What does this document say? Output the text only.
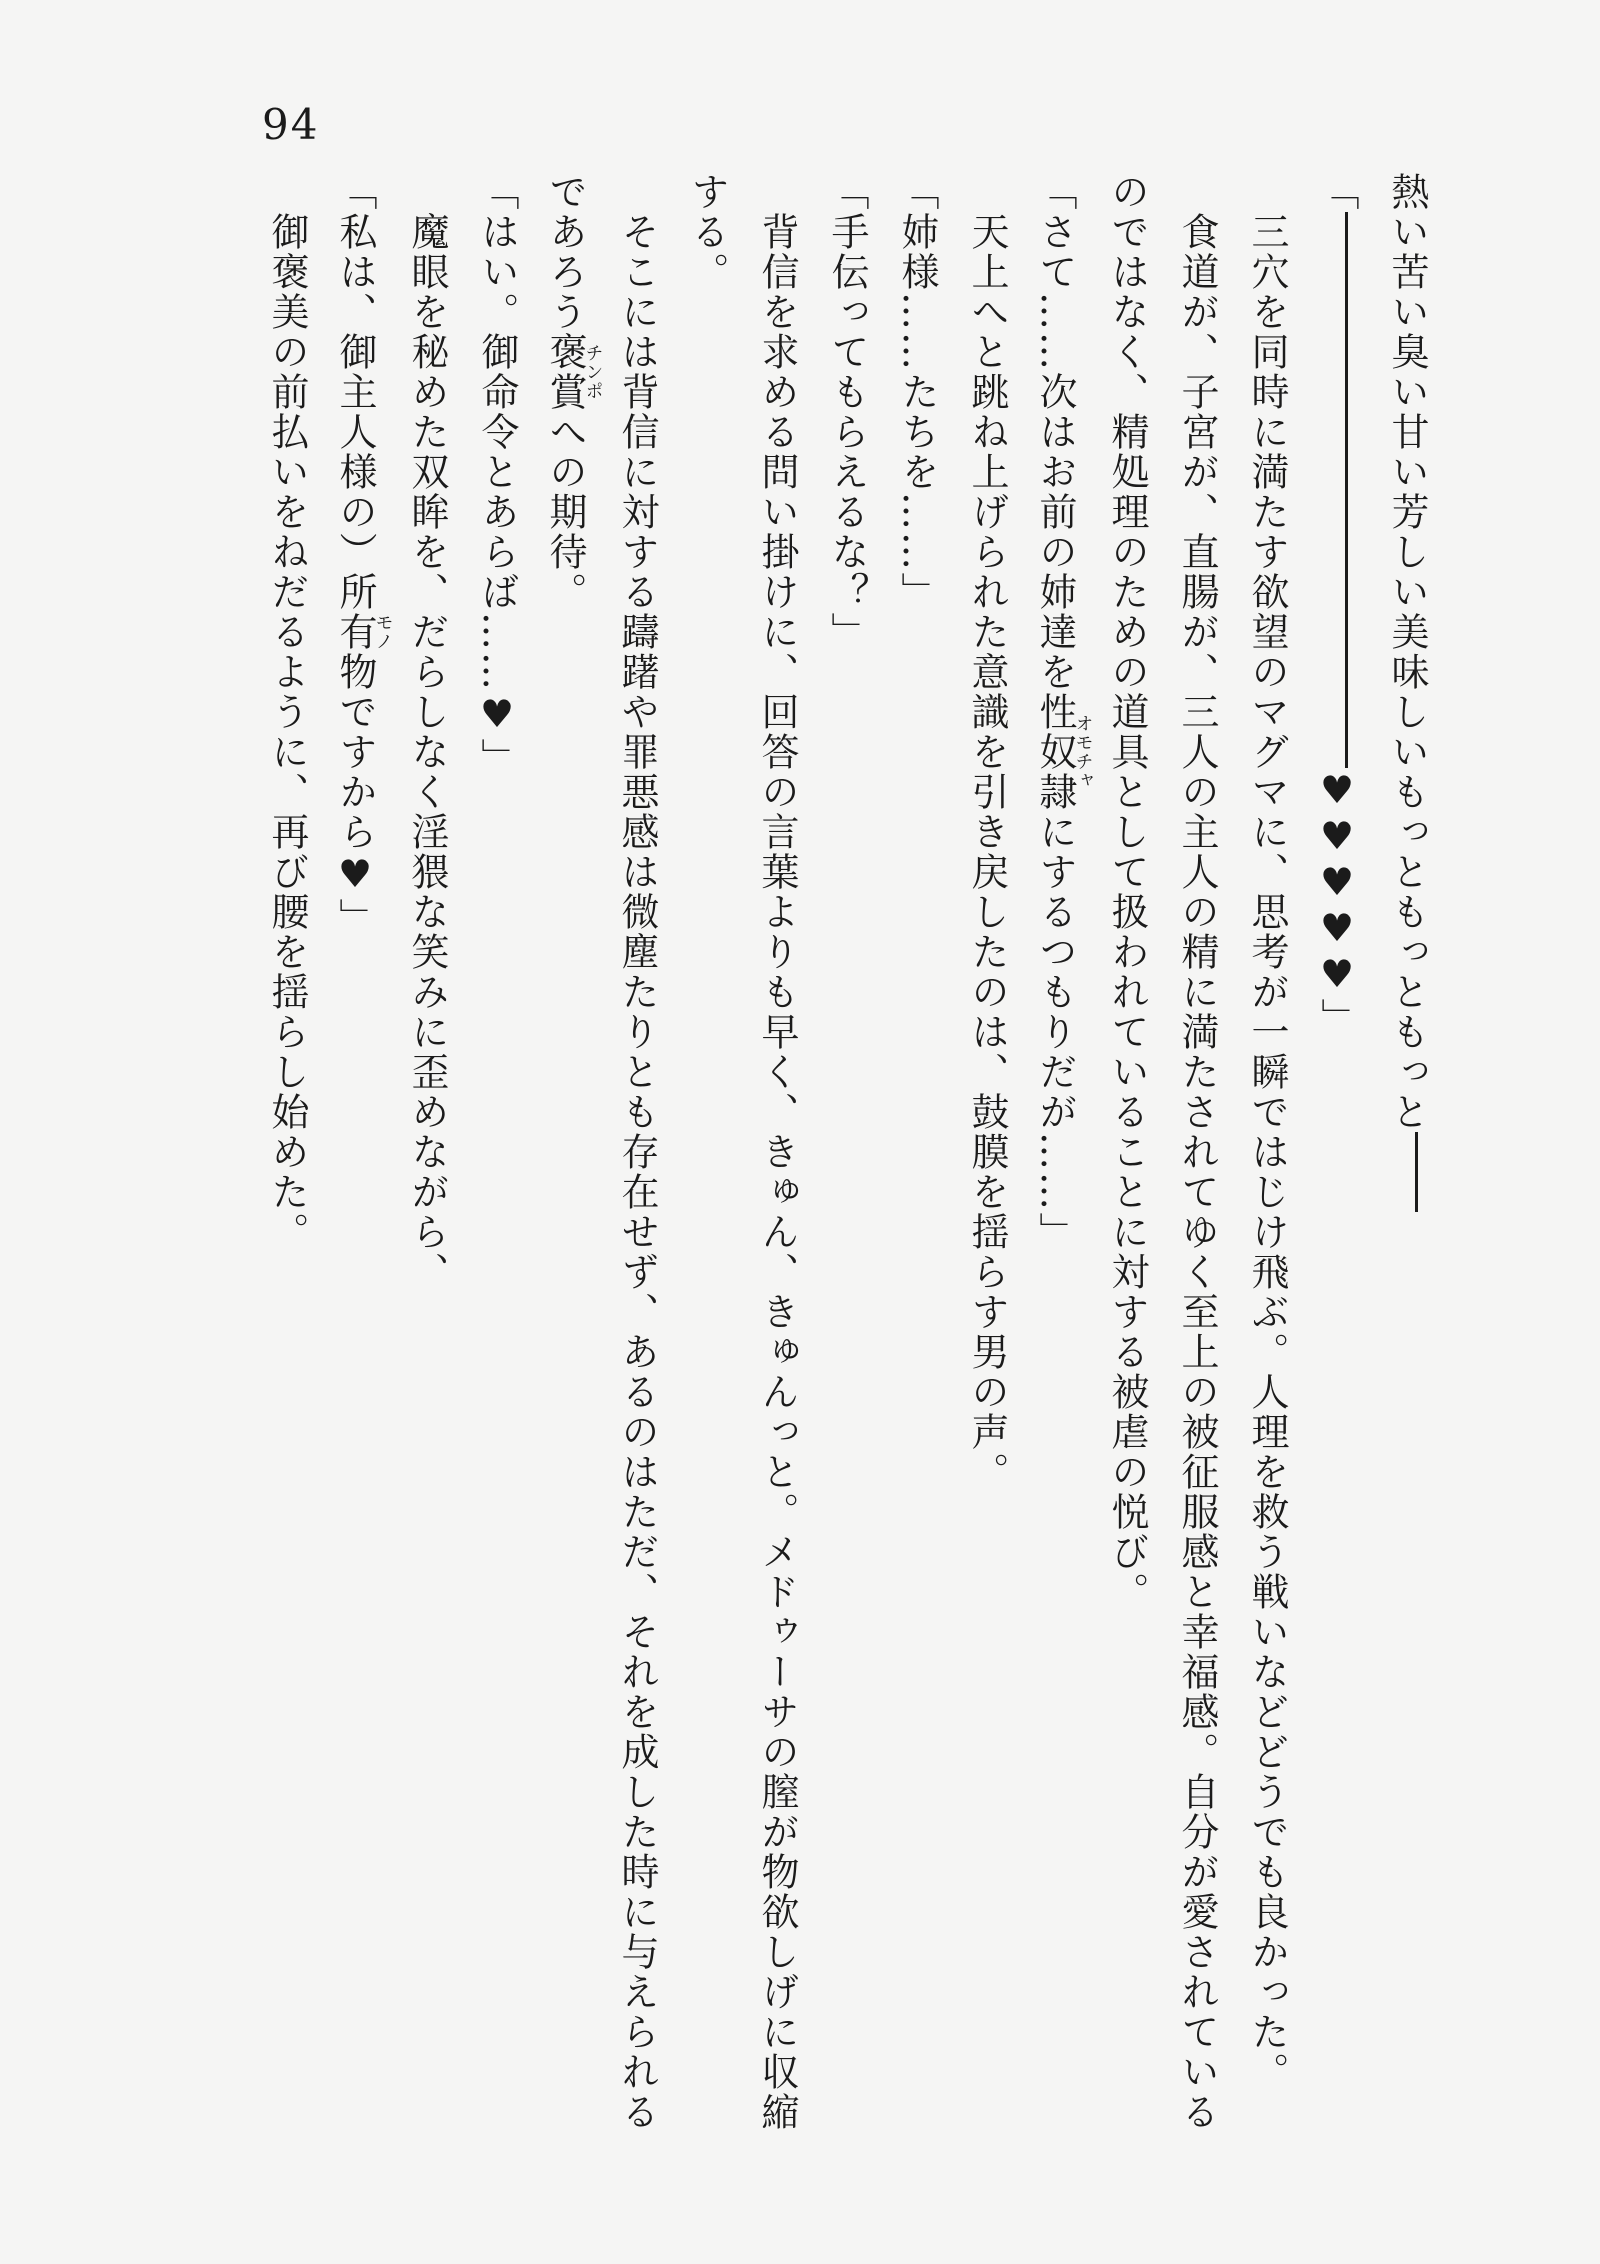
94
熱い苦い臭い甘い芳しい美味しいもっともっともっと
「♥♥♥♥♥」
三穴を同時に満たす欲望のマグマに、思考が一瞬ではじけ飛ぶ。人理を救う戦いなどどうでも良かった。
食道が、子宮が、直腸が、三人の主人の精に満たされてゆく至上の被征服感と幸福感。自分が愛されている
のではなく、精処理のための道具として扱われていることに対する被虐の悦び。
「さて……次はお前の姉達を性奴隷オモチャにするつもりだが……」
天上へと跳ね上げられた意識を引き戻したのは、鼓膜を揺らす男の声。
「姉様……たちを……」
「手伝ってもらえるな？」
背信を求める問い掛けに、回答の言葉よりも早く、きゅん、きゅんっと。メドゥーサの膣が物欲しげに収縮
する。
そこには背信に対する躊躇や罪悪感は微塵たりとも存在せず、あるのはただ、それを成した時に与えられる
であろう褒賞チンポへの期待。
「はい。御命令とあらば……♥」
魔眼を秘めた双眸を、だらしなく淫猥な笑みに歪めながら、
「私は、御主人様の）所有物モノですから♥」
御褒美の前払いをねだるように、再び腰を揺らし始めた。
